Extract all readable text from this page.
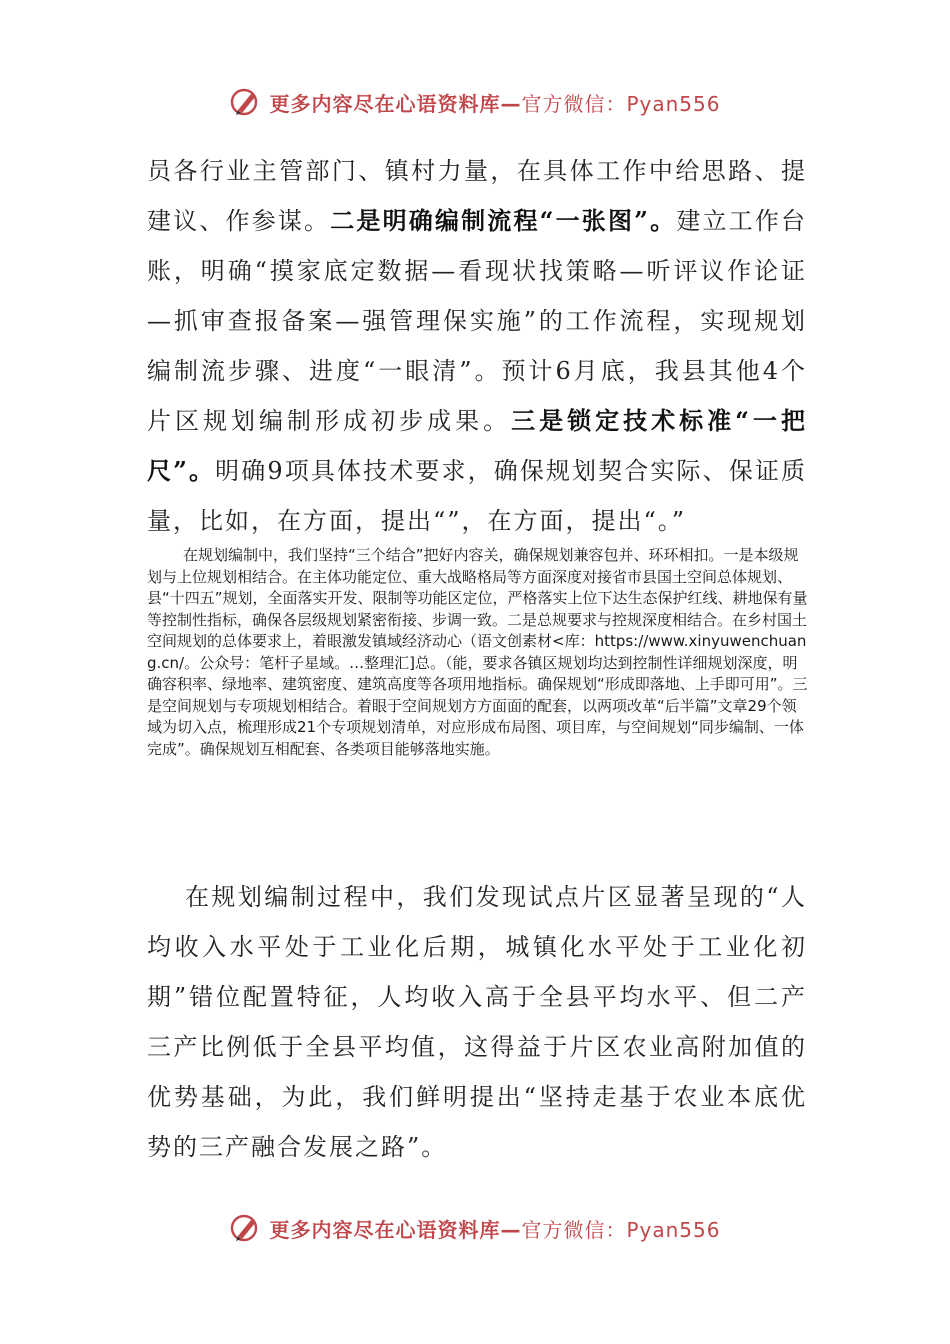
更多内容尽在心语资料库—官方微信：Pyan556

员各行业主管部门、镇村力量，在具体工作中给思路、提建议、作参谋。二是明确编制流程“一张图”。建立工作台账，明确“摸家底定数据—看现状找策略—听评议作论证—抓审查报备案—强管理保实施”的工作流程，实现规划编制流步骤、进度“一眼清”。预计6月底，我县其他4个片区规划编制形成初步成果。三是锁定技术标准“一把尺”。明确9项具体技术要求，确保规划契合实际、保证质量，比如，在方面，提出“”，在方面，提出“。”

在规划编制中，我们坚持“三个结合”把好内容关，确保规划兼容包并、环环相扣。一是本级规划与上位规划相结合。在主体功能定位、重大战略格局等方面深度对接省市县国土空间总体规划、县“十四五”规划，全面落实开发、限制等功能区定位，严格落实上位下达生态保护红线、耕地保有量等控制性指标，确保各层级规划紧密衔接、步调一致。二是总规要求与控规深度相结合。在乡村国土空间规划的总体要求上，着眼激发镇域经济动心（语文创素材<库：https://www.xinyuwenchuang.cn/。公众号：笔杆子星域。…整理汇]总。（能，要求各镇区规划均达到控制性详细规划深度，明确容积率、绿地率、建筑密度、建筑高度等各项用地指标。确保规划“形成即落地、上手即可用”。三是空间规划与专项规划相结合。着眼于空间规划方方面面的配套，以两项改革“后半篇”文章29个领域为切入点，梳理形成21个专项规划清单，对应形成布局图、项目库，与空间规划“同步编制、一体完成”。确保规划互相配套、各类项目能够落地实施。

在规划编制过程中，我们发现试点片区显著呈现的“人均收入水平处于工业化后期，城镇化水平处于工业化初期”错位配置特征，人均收入高于全县平均水平、但二产三产比例低于全县平均值，这得益于片区农业高附加值的优势基础，为此，我们鲜明提出“坚持走基于农业本底优势的三产融合发展之路”。

更多内容尽在心语资料库—官方微信：Pyan556
